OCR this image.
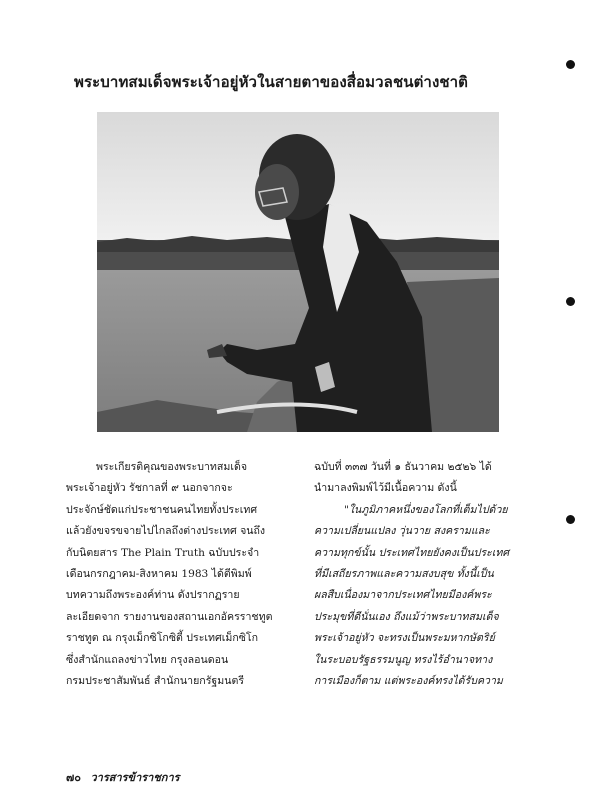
พระบาทสมเด็จพระเจ้าอยู่หัวในสายตาของสื่อมวลชนต่างชาติ

พระเกียรติคุณของพระบาทสมเด็จ

พระเจ้าอยู่หัว รัชกาลที่ ๙ นอกจากจะ

ประจักษ์ชัดแก่ประชาชนคนไทยทั้งประเทศ

แล้วยังขจรขจายไปไกลถึงต่างประเทศ จนถึง

กับนิตยสาร The Plain Truth ฉบับประจำ

เดือนกรกฎาคม-สิงหาคม 1983 ได้ตีพิมพ์

บทความถึงพระองค์ท่าน ดังปรากฏราย

ละเอียดจาก รายงานของสถานเอกอัครราชทูต

ราชทูต ณ กรุงเม็กซิโกซิตี้ ประเทศเม็กซิโก

ซึ่งสำนักแถลงข่าวไทย กรุงลอนดอน

กรมประชาสัมพันธ์ สำนักนายกรัฐมนตรี

ฉบับที่ ๓๓๗ วันที่ ๑ ธันวาคม ๒๕๒๖ ได้

นำมาลงพิมพ์ไว้มีเนื้อความ ดังนี้

"ในภูมิภาคหนึ่งของโลกที่เต็มไปด้วย

ความเปลี่ยนแปลง วุ่นวาย สงครามและ

ความทุกข์นั้น ประเทศไทยยังคงเป็นประเทศ

ที่มีเสถียรภาพและความสงบสุข ทั้งนี้เป็น

ผลสืบเนื่องมาจากประเทศไทยมีองค์พระ

ประมุขที่ดีนั่นเอง ถึงแม้ว่าพระบาทสมเด็จ

พระเจ้าอยู่หัว จะทรงเป็นพระมหากษัตริย์

ในระบอบรัฐธรรมนูญ ทรงไร้อำนาจทาง

การเมืองก็ตาม แต่พระองค์ทรงได้รับความ

๗๐ วารสารข้าราชการ
